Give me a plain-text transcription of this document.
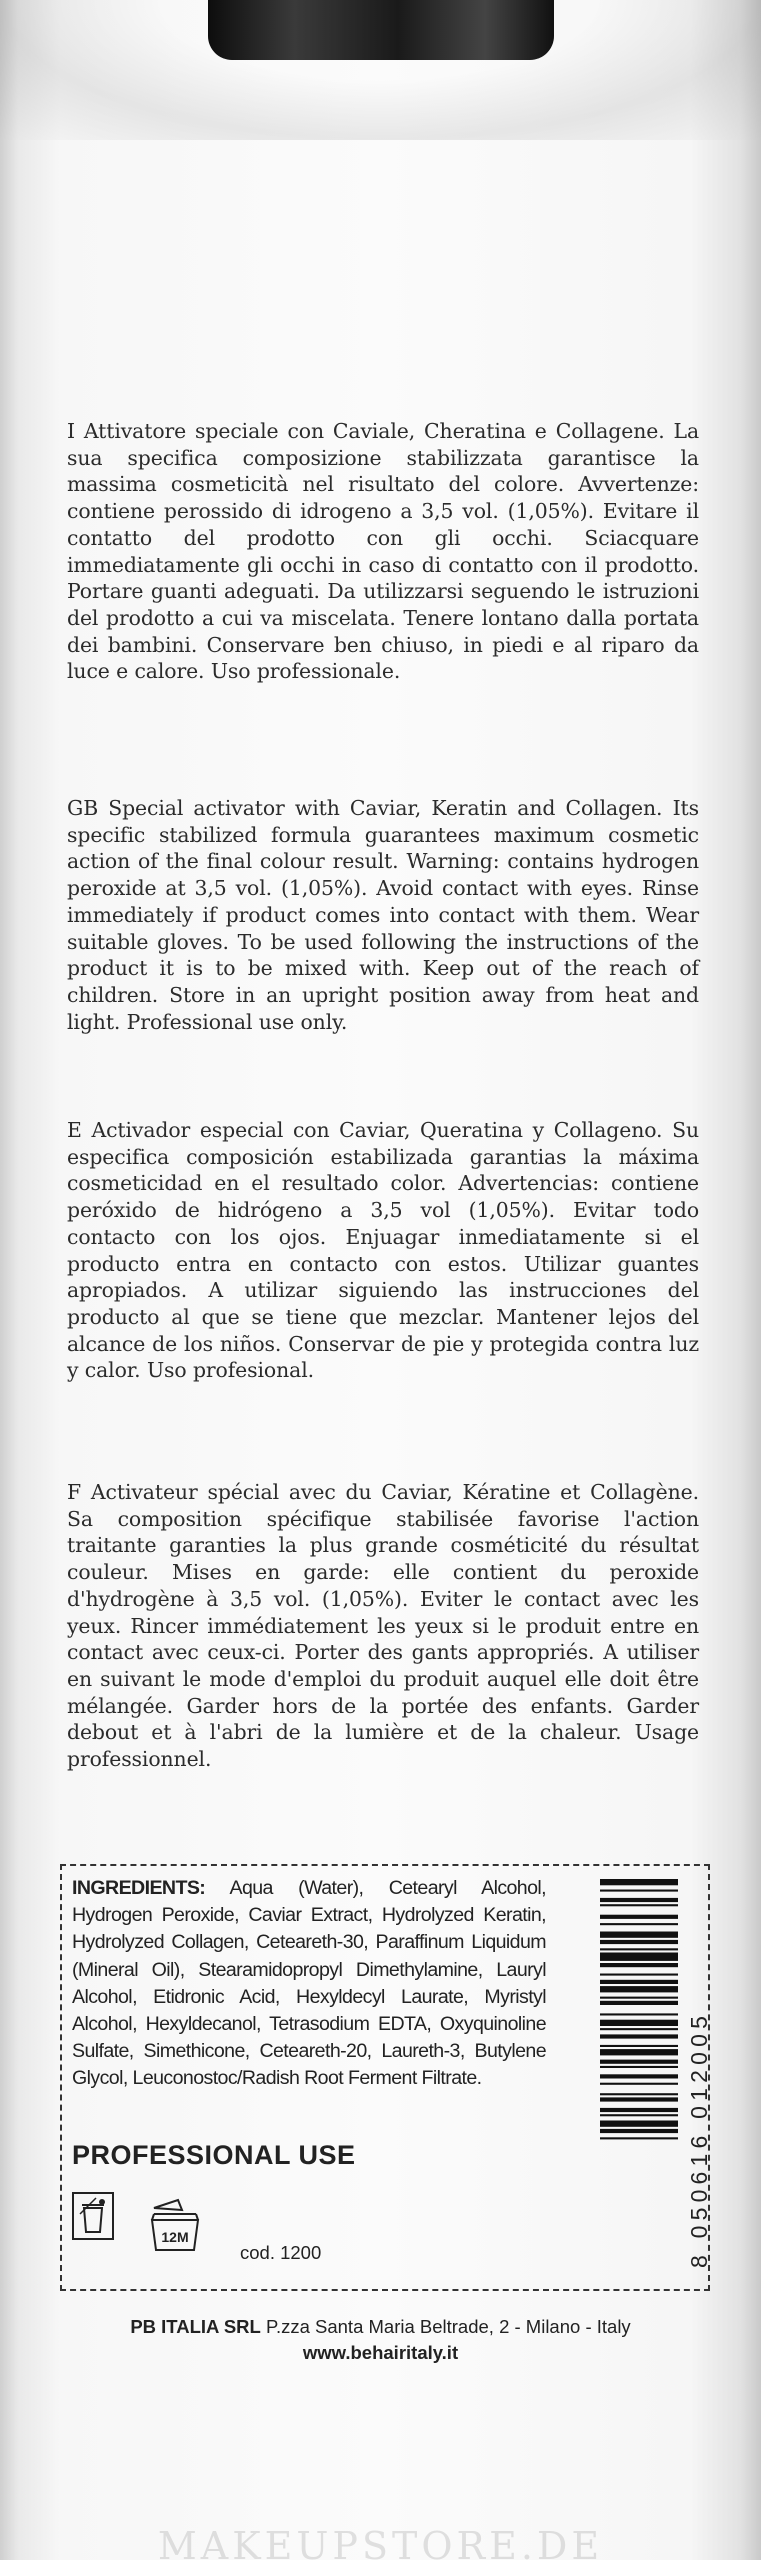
I Attivatore speciale con Caviale, Cheratina e Collagene. La sua specifica composizione stabilizzata garantisce la massima cosmeticità nel risultato del colore. Avvertenze: contiene perossido di idrogeno a 3,5 vol. (1,05%). Evitare il contatto del prodotto con gli occhi. Sciacquare immediatamente gli occhi in caso di contatto con il prodotto. Portare guanti adeguati. Da utilizzarsi seguendo le istruzioni del prodotto a cui va miscelata. Tenere lontano dalla portata dei bambini. Conservare ben chiuso, in piedi e al riparo da luce e calore. Uso professionale.
GB Special activator with Caviar, Keratin and Collagen. Its specific stabilized formula guarantees maximum cosmetic action of the final colour result. Warning: contains hydrogen peroxide at 3,5 vol. (1,05%). Avoid contact with eyes. Rinse immediately if product comes into contact with them. Wear suitable gloves. To be used following the instructions of the product it is to be mixed with. Keep out of the reach of children. Store in an upright position away from heat and light. Professional use only.
E Activador especial con Caviar, Queratina y Collageno. Su especifica composición estabilizada garantias la máxima cosmeticidad en el resultado color. Advertencias: contiene peróxido de hidrógeno a 3,5 vol (1,05%). Evitar todo contacto con los ojos. Enjuagar inmediatamente si el producto entra en contacto con estos. Utilizar guantes apropiados. A utilizar siguiendo las instrucciones del producto al que se tiene que mezclar. Mantener lejos del alcance de los niños. Conservar de pie y protegida contra luz y calor. Uso profesional.
F Activateur spécial avec du Caviar, Kératine et Collagène. Sa composition spécifique stabilisée favorise l'action traitante garanties la plus grande cosméticité du résultat couleur. Mises en garde: elle contient du peroxide d'hydrogène à 3,5 vol. (1,05%). Eviter le contact avec les yeux. Rincer immédiatement les yeux si le produit entre en contact avec ceux-ci. Porter des gants appropriés. A utiliser en suivant le mode d'emploi du produit auquel elle doit être mélangée. Garder hors de la portée des enfants. Garder debout et à l'abri de la lumière et de la chaleur. Usage professionnel.
INGREDIENTS: Aqua (Water), Cetearyl Alcohol, Hydrogen Peroxide, Caviar Extract, Hydrolyzed Keratin, Hydrolyzed Collagen, Ceteareth-30, Paraffinum Liquidum (Mineral Oil), Stearamidopropyl Dimethylamine, Lauryl Alcohol, Etidronic Acid, Hexyldecyl Laurate, Myristyl Alcohol, Hexyldecanol, Tetrasodium EDTA, Oxyquinoline Sulfate, Simethicone, Ceteareth-20, Laureth-3, Butylene Glycol, Leuconostoc/Radish Root Ferment Filtrate.
PROFESSIONAL USE
12M
cod. 1200	8 050616 012005
PB ITALIA SRL P.zza Santa Maria Beltrade, 2 - Milano - Italy
www.behairitaly.it
MAKEUPSTORE.DE
